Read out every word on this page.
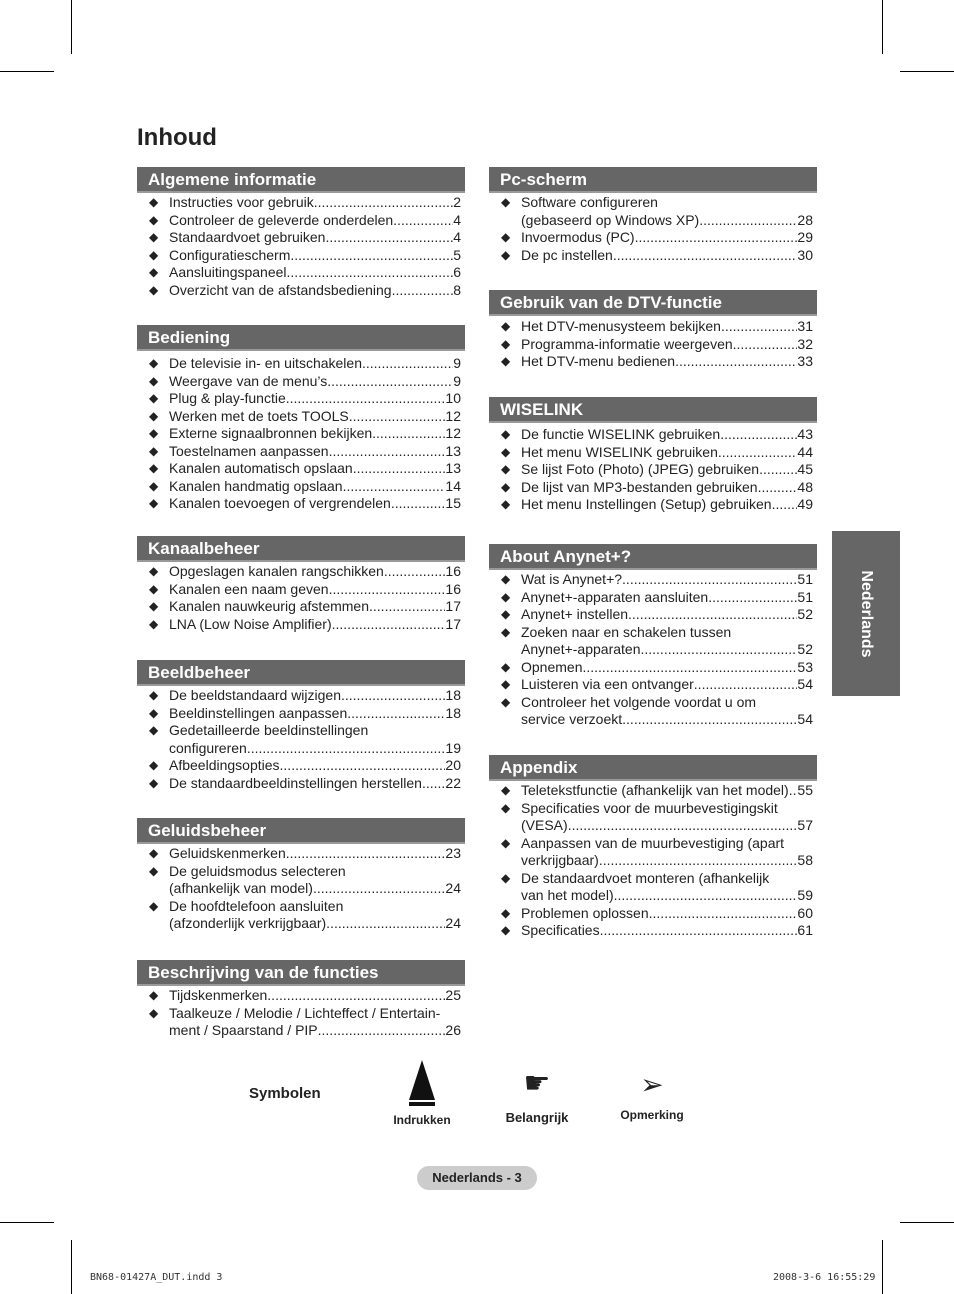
Inhoud
Algemene informatie
◆ Instructies voor gebruik .....	2
◆ Controleer de geleverde onderdelen .....	4
◆ Standaardvoet gebruiken .....	4
◆ Configuratiescherm .....	5
◆ Aansluitingspaneel .....	6
◆ Overzicht van de afstandsbediening .....	8
Bediening
◆ De televisie in- en uitschakelen .....	9
◆ Weergave van de menu’s .....	9
◆ Plug & play-functie .....	10
◆ Werken met de toets TOOLS .....	12
◆ Externe signaalbronnen bekijken .....	12
◆ Toestelnamen aanpassen .....	13
◆ Kanalen automatisch opslaan .....	13
◆ Kanalen handmatig opslaan .....	14
◆ Kanalen toevoegen of vergrendelen .....	15
Kanaalbeheer
◆ Opgeslagen kanalen rangschikken .....	16
◆ Kanalen een naam geven .....	16
◆ Kanalen nauwkeurig afstemmen .....	17
◆ LNA (Low Noise Amplifier) .....	17
Beeldbeheer
◆ De beeldstandaard wijzigen .....	18
◆ Beeldinstellingen aanpassen .....	18
◆ Gedetailleerde beeldinstellingen
configureren .....	19
◆ Afbeeldingsopties .....	20
◆ De standaardbeeldinstellingen herstellen ..... 22
Geluidsbeheer
◆ Geluidskenmerken .....	23
◆ De geluidsmodus selecteren
(afhankelijk van model) .....	24
◆ De hoofdtelefoon aansluiten
(afzonderlijk verkrijgbaar) .....	24
Beschrijving van de functies
◆ Tijdskenmerken .....	25
◆ Taalkeuze / Melodie / Lichteffect / Entertain-
ment / Spaarstand / PIP .....	26
Pc-scherm
◆ Software configureren
(gebaseerd op Windows XP) .....	28
◆ Invoermodus (PC) .....	29
◆ De pc instellen .....	30
Gebruik van de DTV-functie
◆ Het DTV-menusysteem bekijken .....	31
◆ Programma-informatie weergeven .....	32
◆ Het DTV-menu bedienen .....	33
WISELINK
◆ De functie WISELINK gebruiken .....	43
◆ Het menu WISELINK gebruiken .....	44
◆ Se lijst Foto (Photo) (JPEG) gebruiken .....	45
◆ De lijst van MP3-bestanden gebruiken .....	48
◆ Het menu Instellingen (Setup) gebruiken ..... 49
About Anynet+?
◆ Wat is Anynet+? .....	51
◆ Anynet+-apparaten aansluiten .....	51
◆ Anynet+ instellen .....	52
◆ Zoeken naar en schakelen tussen
Anynet+-apparaten .....	52
◆ Opnemen .....	53
◆ Luisteren via een ontvanger .....	54
◆ Controleer het volgende voordat u om
service verzoekt .....	54
Appendix
◆ Teletekstfunctie (afhankelijk van het model) ..... 55
◆ Specificaties voor de muurbevestigingskit
(VESA) .....	57
◆ Aanpassen van de muurbevestiging (apart
verkrijgbaar) .....	58
◆ De standaardvoet monteren (afhankelijk
van het model) .....	59
◆ Problemen oplossen .....	60
◆ Specificaties .....	61
Nederlands
Symbolen
Indrukken
☛
Belangrijk
➢
Opmerking
Nederlands - 3
BN68-01427A_DUT.indd 3	2008-3-6 16:55:29
